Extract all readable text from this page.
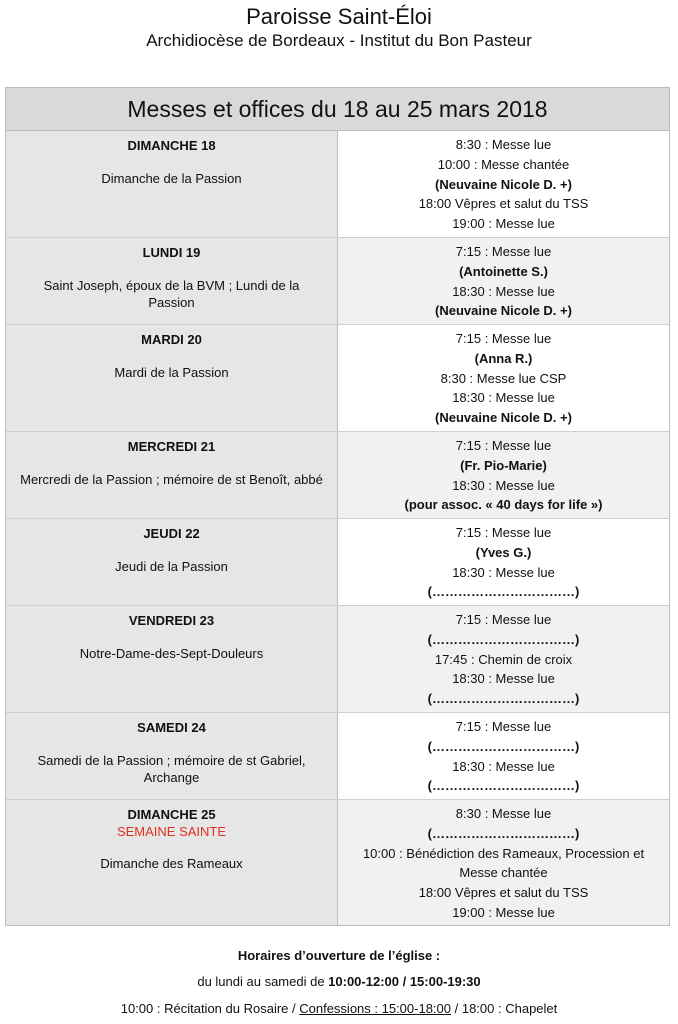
Paroisse Saint-Éloi
Archidiocèse de Bordeaux - Institut du Bon Pasteur
Messes et offices du 18 au 25 mars 2018
DIMANCHE 18
Dimanche de la Passion
8:30 : Messe lue
10:00 : Messe chantée
(Neuvaine Nicole D. +)
18:00 Vêpres et salut du TSS
19:00 : Messe lue
LUNDI 19
Saint Joseph, époux de la BVM ; Lundi de la Passion
7:15 : Messe lue
(Antoinette S.)
18:30 : Messe lue
(Neuvaine Nicole D. +)
MARDI 20
Mardi de la Passion
7:15 : Messe lue
(Anna R.)
8:30 : Messe lue CSP
18:30 : Messe lue
(Neuvaine Nicole D. +)
MERCREDI 21
Mercredi de la Passion ; mémoire de st Benoît, abbé
7:15 : Messe lue
(Fr. Pio-Marie)
18:30 : Messe lue
(pour assoc. « 40 days for life »)
JEUDI 22
Jeudi de la Passion
7:15 : Messe lue
(Yves G.)
18:30 : Messe lue
(……………………………)
VENDREDI 23
Notre-Dame-des-Sept-Douleurs
7:15 : Messe lue
(……………………………)
17:45 : Chemin de croix
18:30 : Messe lue
(……………………………)
SAMEDI 24
Samedi de la Passion ; mémoire de st Gabriel, Archange
7:15 : Messe lue
(……………………………)
18:30 : Messe lue
(……………………………)
DIMANCHE 25
SEMAINE SAINTE
Dimanche des Rameaux
8:30 : Messe lue
(……………………………)
10:00 : Bénédiction des Rameaux, Procession et Messe chantée
18:00 Vêpres et salut du TSS
19:00 : Messe lue
Horaires d’ouverture de l’église :
du lundi au samedi de 10:00-12:00 / 15:00-19:30
10:00 : Récitation du Rosaire / Confessions : 15:00-18:00 / 18:00 : Chapelet
